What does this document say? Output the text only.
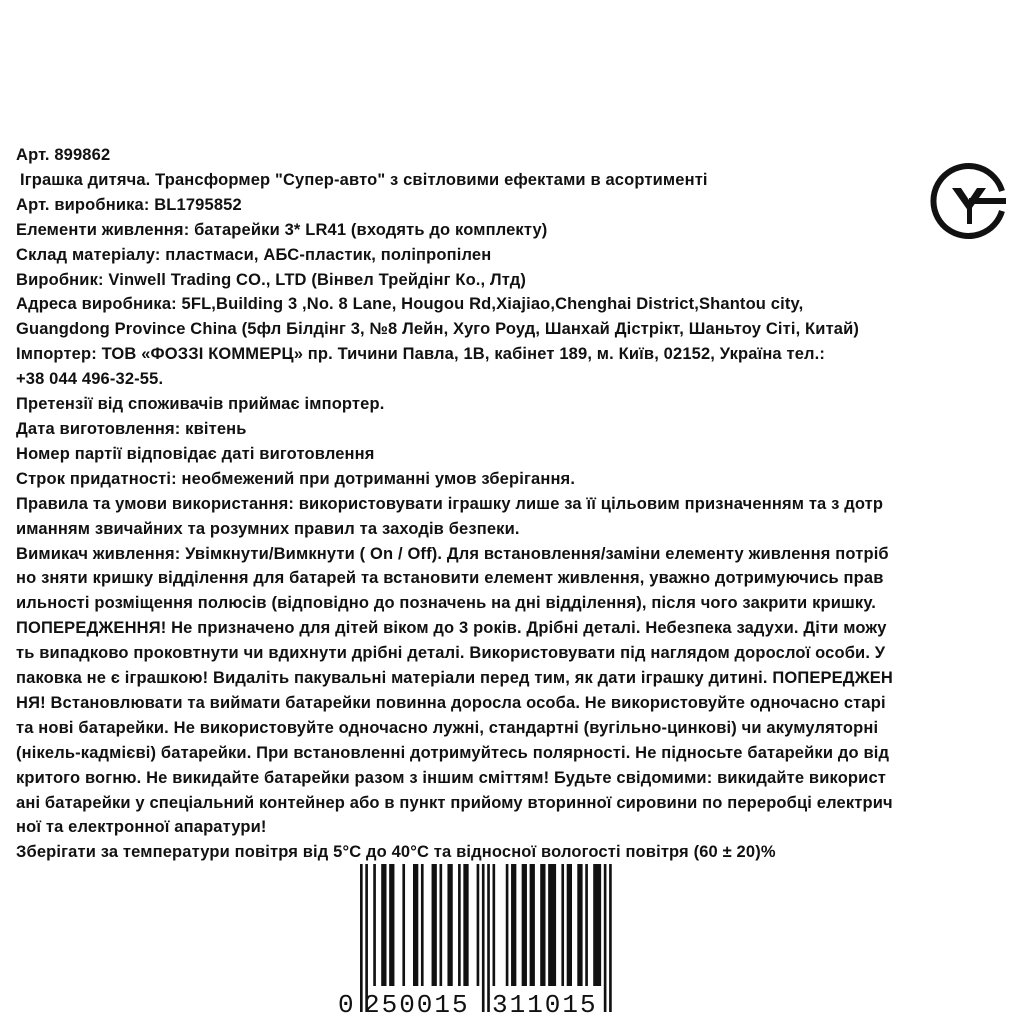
Арт. 899862
Іграшка дитяча. Трансформер "Супер-авто" з світловими ефектами в асортименті
Арт. виробника: BL1795852
Елементи живлення: батарейки 3* LR41 (входять до комплекту)
Склад матеріалу: пластмаси, АБС-пластик, поліпропілен
Виробник: Vinwell Trading CO., LTD (Вінвел Трейдінг Ко., Лтд)
Адреса виробника: 5FL,Building 3 ,No. 8 Lane, Hougou Rd,Xiajiao,Chenghai District,Shantou city,
Guangdong Province China (5фл Білдінг 3, №8 Лейн, Хуго Роуд, Шанхай Дістрікт, Шаньтоу Сіті, Китай)
Імпортер: ТОВ «ФОЗЗІ КОММЕРЦ» пр. Тичини Павла, 1В, кабінет 189, м. Київ, 02152, Україна тел.:
+38 044 496-32-55.
Претензії від споживачів приймає імпортер.
Дата виготовлення: квітень
Номер партії відповідає даті виготовлення
Строк придатності: необмежений при дотриманні умов зберігання.
Правила та умови використання: використовувати іграшку лише за її цільовим призначенням та з дотр
иманням звичайних та розумних правил та заходів безпеки.
Вимикач живлення: Увімкнути/Вимкнути ( On / Off). Для встановлення/заміни елементу живлення потріб
но зняти кришку відділення для батарей та встановити елемент живлення, уважно дотримуючись прав
ильності розміщення полюсів (відповідно до позначень на дні відділення), після чого закрити кришку.
ПОПЕРЕДЖЕННЯ! Не призначено для дітей віком до 3 років. Дрібні деталі. Небезпека задухи. Діти можу
ть випадково проковтнути чи вдихнути дрібні деталі. Використовувати під наглядом дорослої особи. У
паковка не є іграшкою! Видаліть пакувальні матеріали перед тим, як дати іграшку дитині. ПОПЕРЕДЖЕН
НЯ! Встановлювати та виймати батарейки повинна доросла особа. Не використовуйте одночасно старі
та нові батарейки. Не використовуйте одночасно лужні, стандартні (вугільно-цинкові) чи акумуляторні
(нікель-кадмієві) батарейки. При встановленні дотримуйтесь полярності. Не підносьте батарейки до від
критого вогню. Не викидайте батарейки разом з іншим сміттям! Будьте свідомими: викидайте використ
ані батарейки у спеціальний контейнер або в пункт прийому вторинної сировини по переробці електрич
ної та електронної апаратури!
Зберігати за температури повітря від 5°C до 40°C та відносної вологості повітря (60 ± 20)%
0 250015 311015
